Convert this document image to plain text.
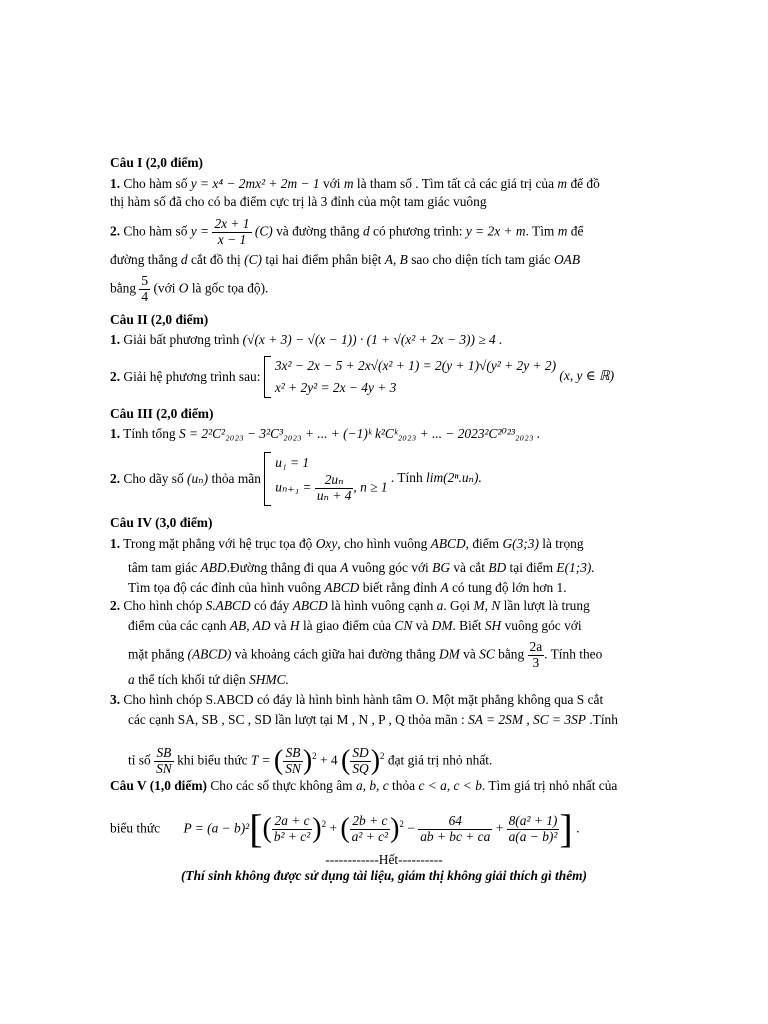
Câu I (2,0 điểm)
1. Cho hàm số y = x⁴ − 2mx² + 2m − 1 với m là tham số . Tìm tất cả các giá trị của m để đồ
thị hàm số đã cho có ba điểm cực trị là 3 đỉnh của một tam giác vuông
2. Cho hàm số $y = \frac{2x + 1}{x - 1} (C)$ và đường thẳng d có phương trình: y = 2x + m. Tìm m để
đường thẳng d cắt đồ thị (C) tại hai điểm phân biệt A, B sao cho diện tích tam giác OAB
bằng $\frac{5}{4}$ (với O là gốc tọa độ).
Câu II (2,0 điểm)
1. Giải bất phương trình (√(x + 3) − √(x − 1)) · (1 + √(x² + 2x − 3)) ≥ 4 .
2. Giải hệ phương trình sau:
3x² − 2x − 5 + 2x√(x² + 1) = 2(y + 1)√(y² + 2y + 2)
x² + 2y² = 2x − 4y + 3
(x, y ∈ ℝ)
Câu III (2,0 điểm)
1. Tính tổng S = 2²C²₂₀₂₃ − 3²C³₂₀₂₃ + ... + (−1)ᵏ k²Cᵏ₂₀₂₃ + ... − 2023²C²⁰²³₂₀₂₃ .
2. Cho dãy số (uₙ) thỏa mãn
u₁ = 1
$u_{n+1} = \frac{\text{2uₙ}}{\text{uₙ + 4}}$ , n ≥ 1
. Tính lim(2ⁿ.uₙ).
Câu IV (3,0 điểm)
1. Trong mặt phẳng với hệ trục tọa độ Oxy, cho hình vuông ABCD, điểm G(3;3) là trọng
tâm tam giác ABD.Đường thẳng đi qua A vuông góc với BG và cắt BD tại điểm E(1;3).
Tìm tọa độ các đỉnh của hình vuông ABCD biết rằng đỉnh A có tung độ lớn hơn 1.
2. Cho hình chóp S.ABCD có đáy ABCD là hình vuông cạnh a. Gọi M, N lần lượt là trung
điểm của các cạnh AB, AD và H là giao điểm của CN và DM. Biết SH vuông góc với
mặt phẳng (ABCD) và khoảng cách giữa hai đường thẳng DM và SC bằng $\frac{2a}{3}$ . Tính theo
a thể tích khối tứ diện SHMC.
3. Cho hình chóp S.ABCD có đáy là hình bình hành tâm O. Một mặt phẳng không qua S cắt
các cạnh SA, SB , SC , SD lần lượt tại M , N , P , Q thỏa mãn : SA = 2SM , SC = 3SP .Tính
tỉ số $\frac{SB}{SN}$ khi biểu thức T = ( $\frac{SB}{SN} )^2 + 4$ ( $\frac{SD}{SQ} )^2$ đạt giá trị nhỏ nhất.
Câu V (1,0 điểm) Cho các số thực không âm a, b, c thỏa c < a, c < b. Tìm giá trị nhỏ nhất của
biểu thức $P = (a - b)^2[( \frac{2a + c}{\text{b² + c²}} )^2$ + ( $\frac{2b + c}{\text{a² + c²}} )^2 - \frac{64}{ab + bc + ca} + \frac{\text{8(a² + 1)}}{\text{a(a − b)²}}$ ] .
------------Hết----------
(Thí sinh không được sử dụng tài liệu, giám thị không giải thích gì thêm)
